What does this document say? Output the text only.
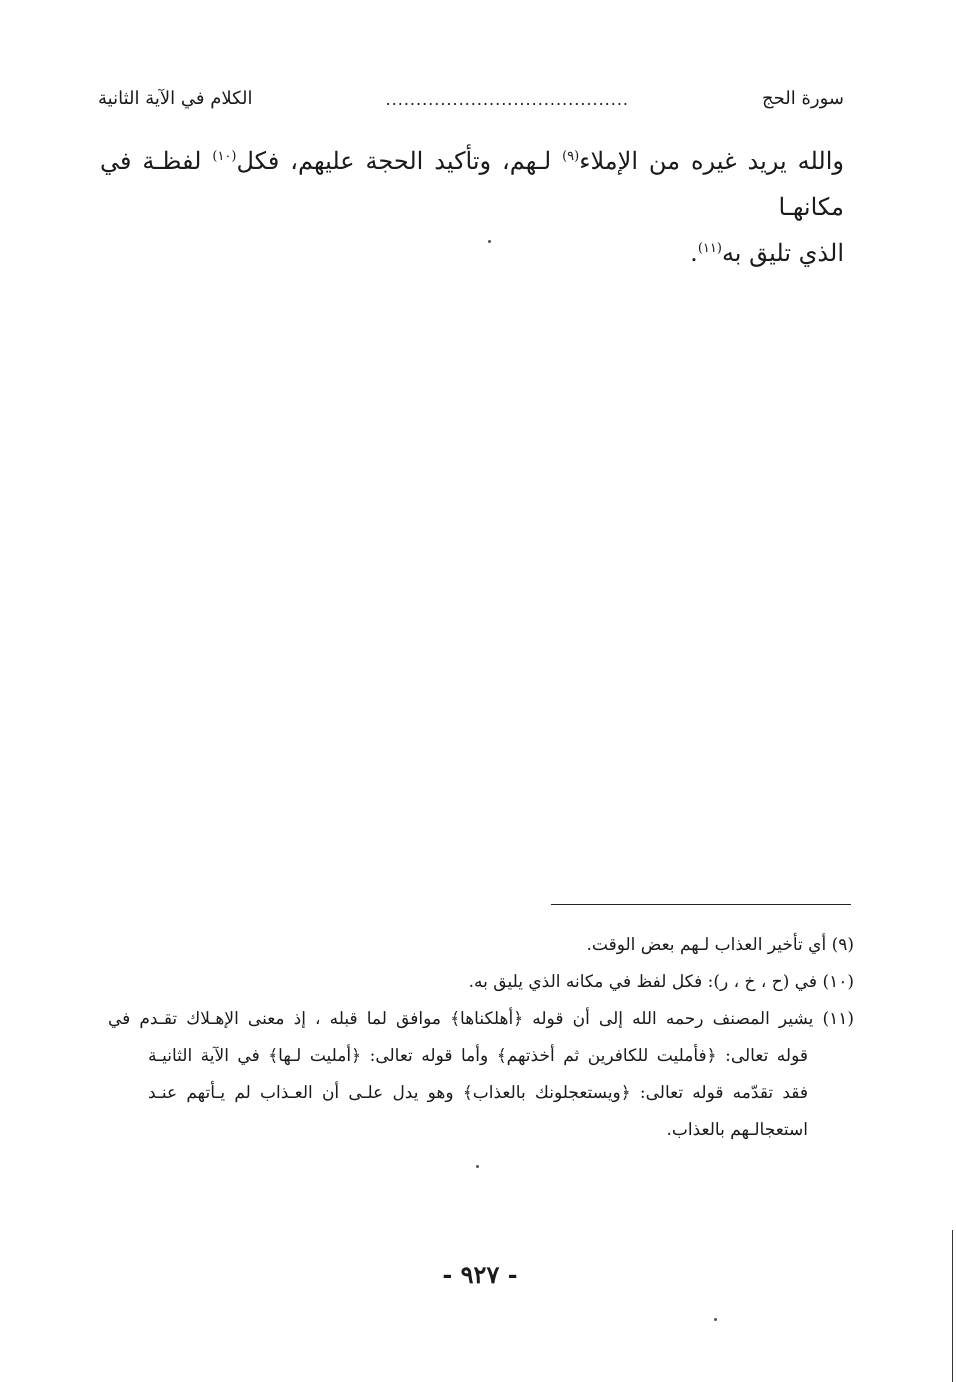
سورة الحج
........................................
الكلام في الآية الثانية

والله يريد غيره من الإملاء$^{(٩)}$ لـهم، وتأكيد الحجة عليهم، فكل$^{(١٠)}$ لفظـة في مكانهـا

الذي تليق به$^{(١١)}$.

(٩) أي تأخير العذاب لـهم بعض الوقت.

(١٠) في (ح ، خ ، ر): فكل لفظ في مكانه الذي يليق به.

(١١) يشير المصنف رحمه الله إلى أن قوله ﴿أهلكناها﴾ موافق لما قبله ، إذ معنى الإهـلاك تقـدم في

قوله تعالى: ﴿فأمليت للكافرين ثم أخذتهم﴾ وأما قوله تعالى: ﴿أمليت لـها﴾ في الآية الثانيـة

فقد تقدّمه قوله تعالى: ﴿ويستعجلونك بالعذاب﴾ وهو يدل علـى أن العـذاب لم يـأتهم عنـد

استعجالـهم بالعذاب.

- ٩٢٧ -
